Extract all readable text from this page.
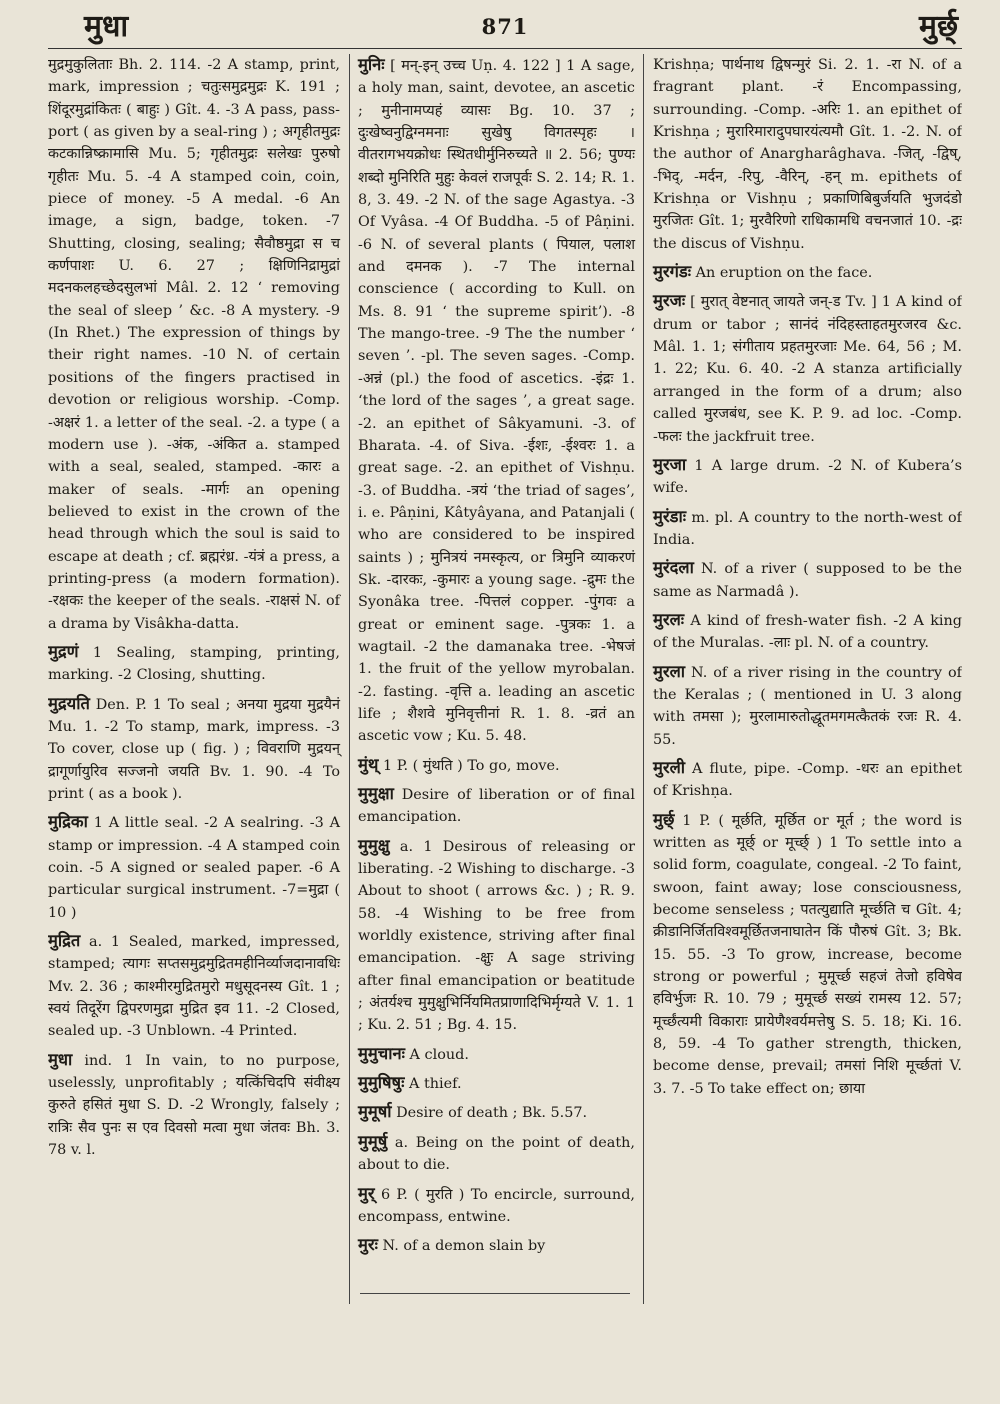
मुधा	871	मुर्छ्
मुद्रमुकुलिताः Bh. 2. 114. -2 A stamp, print, mark, impression ; चतुःसमुद्रमुद्रः K. 191 ; शिंदूरमुद्रांकितः ( बाहुः ) Gît. 4. -3 A pass, pass-port ( as given by a seal-ring ) ; अगृहीतमुद्रः कटकान्निष्क्रामासि Mu. 5; गृहीतमुद्रः सलेखः पुरुषो गृहीतः Mu. 5. -4 A stamped coin, coin, piece of money. -5 A medal. -6 An image, a sign, badge, token. -7 Shutting, closing, sealing; सैवौष्ठमुद्रा स च कर्णपाशः U. 6. 27 ; क्षिणिनिद्रामुद्रां मदनकलहच्छेदसुलभां Mâl. 2. 12 ‘ removing the seal of sleep ’ &c. -8 A mystery. -9 (In Rhet.) The expression of things by their right names. -10 N. of certain positions of the fingers practised in devotion or religious worship. -Comp. -अक्षरं 1. a letter of the seal. -2. a type ( a modern use ). -अंक, -अंकित a. stamped with a seal, sealed, stamped. -कारः a maker of seals. -मार्गः an opening believed to exist in the crown of the head through which the soul is said to escape at death ; cf. ब्रह्मरंध्र. -यंत्रं a press, a printing-press (a modern formation). -रक्षकः the keeper of the seals. -राक्षसं N. of a drama by Visâkha-datta.
मुद्रणं 1 Sealing, stamping, printing, marking. -2 Closing, shutting.
मुद्रयति Den. P. 1 To seal ; अनया मुद्रया मुद्रयैनं Mu. 1. -2 To stamp, mark, impress. -3 To cover, close up ( fig. ) ; विवराणि मुद्रयन् द्रागूर्णायुरिव सज्जनो जयति Bv. 1. 90. -4 To print ( as a book ).
मुद्रिका 1 A little seal. -2 A sealring. -3 A stamp or impression. -4 A stamped coin coin. -5 A signed or sealed paper. -6 A particular surgical instrument. -7=मुद्रा ( 10 )
मुद्रित a. 1 Sealed, marked, impressed, stamped; त्यागः सप्तसमुद्रमुद्रितमहीनिर्व्याजदानावधिः Mv. 2. 36 ; काश्मीरमुद्रितमुरो मधुसूदनस्य Gît. 1 ; स्वयं तिदूरेंग द्विपरणमुद्रा मुद्रित इव 11. -2 Closed, sealed up. -3 Unblown. -4 Printed.
मुधा ind. 1 In vain, to no purpose, uselessly, unprofitably ; यत्किंचिदपि संवीक्ष्य कुरुते हसितं मुधा S. D. -2 Wrongly, falsely ; रात्रिः सैव पुनः स एव दिवसो मत्वा मुधा जंतवः Bh. 3. 78 v. l.
मुनिः [ मन्-इन् उच्च Uṇ. 4. 122 ] 1 A sage, a holy man, saint, devotee, an ascetic ; मुनीनामप्यहं व्यासः Bg. 10. 37 ; दुःखेष्वनुद्विग्नमनाः सुखेषु विगतस्पृहः । वीतरागभयक्रोधः स्थितधीर्मुनिरुच्यते ॥ 2. 56; पुण्यः शब्दो मुनिरिति मुहुः केवलं राजपूर्वः S. 2. 14; R. 1. 8, 3. 49. -2 N. of the sage Agastya. -3 Of Vyâsa. -4 Of Buddha. -5 of Pâṇini. -6 N. of several plants ( पियाल, पलाश and दमनक ). -7 The internal conscience ( according to Kull. on Ms. 8. 91 ‘ the supreme spirit’). -8 The mango-tree. -9 The the number ‘ seven ’. -pl. The seven sages. -Comp. -अन्नं (pl.) the food of ascetics. -इंद्रः 1. ‘the lord of the sages ’, a great sage. -2. an epithet of Sâkyamuni. -3. of Bharata. -4. of Siva. -ईशः, -ईश्वरः 1. a great sage. -2. an epithet of Vishṇu. -3. of Buddha. -त्रयं ‘the triad of sages’, i. e. Pâṇini, Kâtyâyana, and Patanjali ( who are considered to be inspired saints ) ; मुनित्रयं नमस्कृत्य, or त्रिमुनि व्याकरणं Sk. -दारकः, -कुमारः a young sage. -द्रुमः the Syonâka tree. -पित्तलं copper. -पुंगवः a great or eminent sage. -पुत्रकः 1. a wagtail. -2 the damanaka tree. -भेषजं 1. the fruit of the yellow myrobalan. -2. fasting. -वृत्ति a. leading an ascetic life ; शैशवे मुनिवृत्तीनां R. 1. 8. -व्रतं an ascetic vow ; Ku. 5. 48.
मुंथ् 1 P. ( मुंथति ) To go, move.
मुमुक्षा Desire of liberation or of final emancipation.
मुमुक्षु a. 1 Desirous of releasing or liberating. -2 Wishing to discharge. -3 About to shoot ( arrows &c. ) ; R. 9. 58. -4 Wishing to be free from worldly existence, striving after final emancipation. -क्षुः A sage striving after final emancipation or beatitude ; अंतर्यश्च मुमुक्षुभिर्नियमितप्राणादिभिर्मृग्यते V. 1. 1 ; Ku. 2. 51 ; Bg. 4. 15.
मुमुचानः A cloud.
मुमुषिषुः A thief.
मुमूर्षा Desire of death ; Bk. 5.57.
मुमूर्षु a. Being on the point of death, about to die.
मुर् 6 P. ( मुरति ) To encircle, surround, encompass, entwine.
मुरः N. of a demon slain by
Krishṇa; पार्थनाथ द्विषन्मुरं Si. 2. 1. -रा N. of a fragrant plant. -रं Encompassing, surrounding. -Comp. -अरिः 1. an epithet of Krishṇa ; मुरारिमारादुपघारयंत्यमौ Gît. 1. -2. N. of the author of Anargharâghava. -जित्, -द्विष्, -भिद्, -मर्दन, -रिपु, -वैरिन्, -हन् m. epithets of Krishṇa or Vishṇu ; प्रकाणिबिबुर्जयति भुजदंडो मुरजितः Gît. 1; मुरवैरिणो राधिकामधि वचनजातं 10. -द्रः the discus of Vishṇu.
मुरगंडः An eruption on the face.
मुरजः [ मुरात् वेष्टनात् जायते जन्-ड Tv. ] 1 A kind of drum or tabor ; सानंदं नंदिहस्ताहतमुरजरव &c. Mâl. 1. 1; संगीताय प्रहतमुरजाः Me. 64, 56 ; M. 1. 22; Ku. 6. 40. -2 A stanza artificially arranged in the form of a drum; also called मुरजबंध, see K. P. 9. ad loc. -Comp. -फलः the jackfruit tree.
मुरजा 1 A large drum. -2 N. of Kubera’s wife.
मुरंडाः m. pl. A country to the north-west of India.
मुरंदला N. of a river ( supposed to be the same as Narmadâ ).
मुरलः A kind of fresh-water fish. -2 A king of the Muralas. -लाः pl. N. of a country.
मुरला N. of a river rising in the country of the Keralas ; ( mentioned in U. 3 along with तमसा ); मुरलामारुतोद्धूतमगमत्कैतकं रजः R. 4. 55.
मुरली A flute, pipe. -Comp. -धरः an epithet of Krishṇa.
मुर्छ् 1 P. ( मूर्छति, मूर्छित or मूर्त ; the word is written as मूर्छ् or मूर्च्छ् ) 1 To settle into a solid form, coagulate, congeal. -2 To faint, swoon, faint away; lose consciousness, become senseless ; पतत्युद्याति मूर्च्छति च Gît. 4; क्रीडानिर्जितविश्वमूर्छितजनाघातेन किं पौरुषं Gît. 3; Bk. 15. 55. -3 To grow, increase, become strong or powerful ; मुमूर्च्छ सहजं तेजो हविषेव हविर्भुजः R. 10. 79 ; मुमूर्च्छ सख्यं रामस्य 12. 57; मूर्च्छंत्यमी विकाराः प्रायेणैश्वर्यमत्तेषु S. 5. 18; Ki. 16. 8, 59. -4 To gather strength, thicken, become dense, prevail; तमसां निशि मूर्च्छतां V. 3. 7. -5 To take effect on; छाया
